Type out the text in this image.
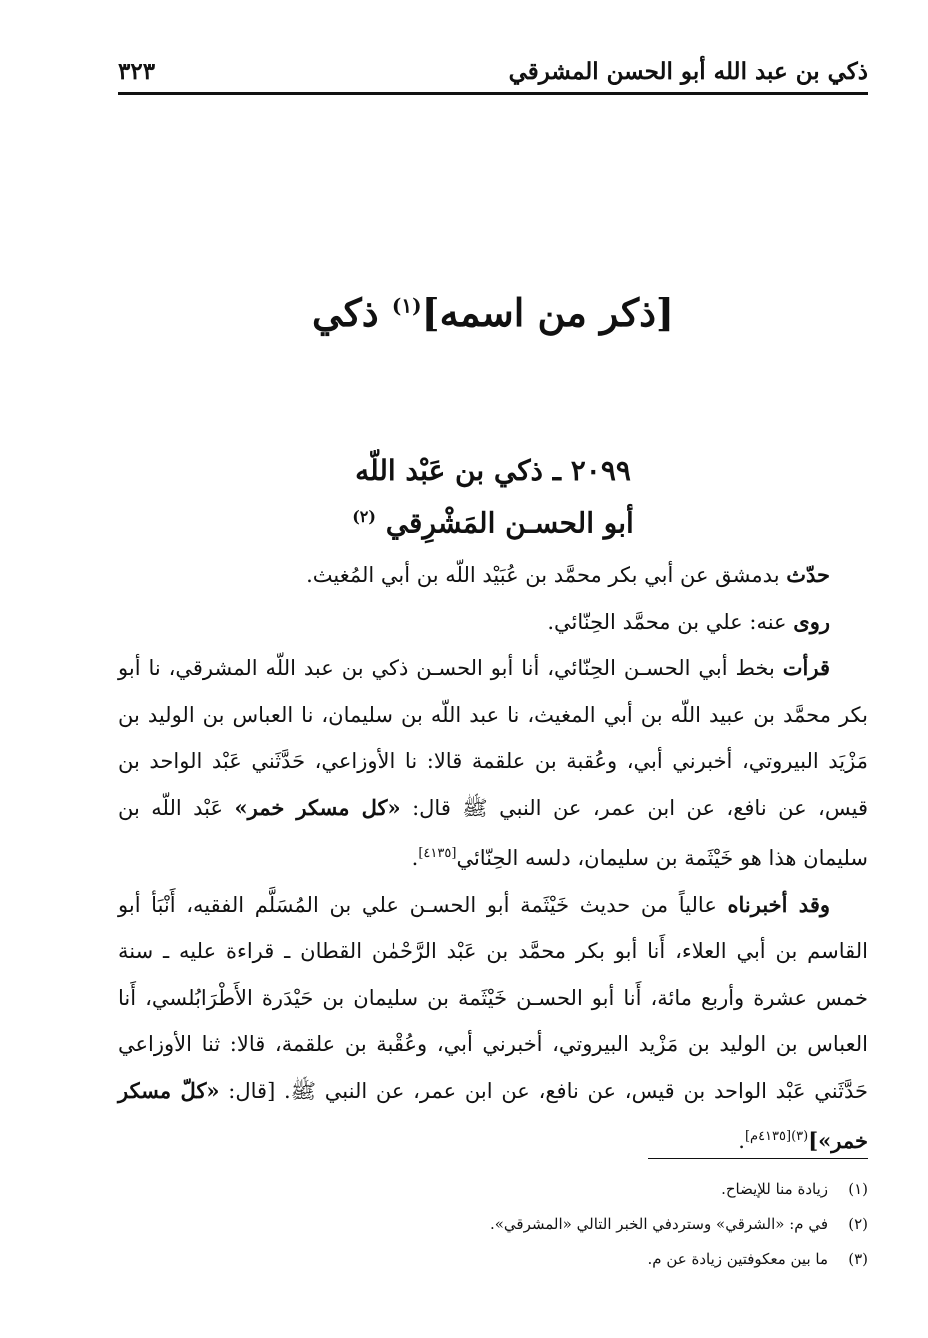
ذكي بن عبد الله أبو الحسن المشرقي
٣٢٣
[ذكر من اسمه]$^{(١)}$ ذكي
٢٠٩٩ ـ ذكي بن عَبْد اللّه
أبو الحسـن المَشْرِقي $^{(٢)}$

حدّث بدمشق عن أبي بكر محمَّد بن عُبَيْد اللّه بن أبي المُغيث.

روى عنه: علي بن محمَّد الحِنّائي.

قرأت بخط أبي الحسـن الحِنّائي، أنا أبو الحسـن ذكي بن عبد اللّه المشرقي، نا أبو بكر محمَّد بن عبيد اللّه بن أبي المغيث، نا عبد اللّه بن سليمان، نا العباس بن الوليد بن مَزْيَد البيروتي، أخبرني أبي، وعُقبة بن علقمة قالا: نا الأوزاعي، حَدَّثَني عَبْد الواحد بن قيس، عن نافع، عن ابن عمر، عن النبي ﷺ قال: «كل مسكر خمر» عَبْد اللّه بن سليمان هذا هو خَيْثَمة بن سليمان، دلسه الحِنّائي[٤١٣٥].

وقد أخبرناه عالياً من حديث خَيْثَمة أبو الحسـن علي بن المُسَلَّم الفقيه، أَنْبَأ أبو القاسم بن أبي العلاء، أَنا أبو بكر محمَّد بن عَبْد الرَّحْمٰن القطان ـ قراءة عليه ـ سنة خمس عشرة وأربع مائة، أَنا أبو الحسـن خَيْثَمة بن سليمان بن حَيْدَرة الأَطْرَابُلسي، أَنا العباس بن الوليد بن مَزْيد البيروتي، أخبرني أبي، وعُقْبة بن علقمة، قالا: ثنا الأوزاعي حَدَّثَني عَبْد الواحد بن قيس، عن نافع، عن ابن عمر، عن النبي ﷺ. [قال: «كلّ مسكر خمر»]$^{(٣)[٤١٣٥م]}$.

(١)زيادة منا للإيضاح.
(٢)في م: «الشرقي» وستردفي الخبر التالي «المشرقي».
(٣)ما بين معكوفتين زيادة عن م.
